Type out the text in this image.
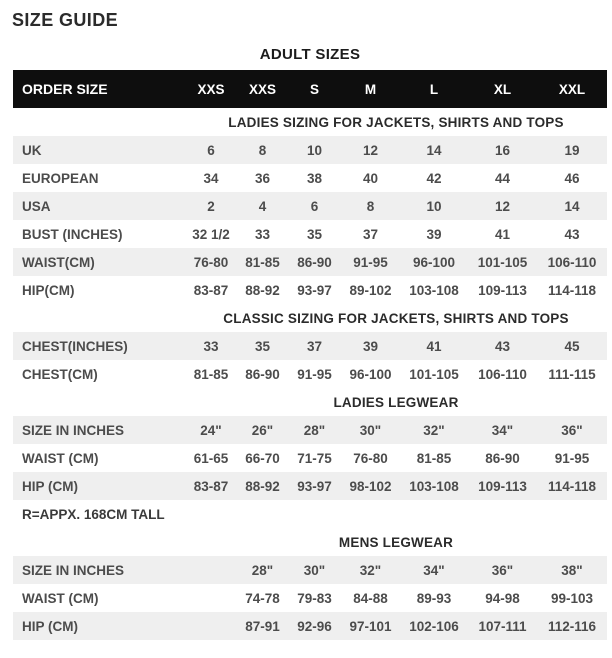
SIZE GUIDE
ADULT SIZES
ORDER SIZE	XXS	XXS	S	M	L	XL	XXL
LADIES SIZING FOR JACKETS, SHIRTS AND TOPS
UK	6	8	10	12	14	16	19
EUROPEAN	34	36	38	40	42	44	46
USA	2	4	6	8	10	12	14
BUST (INCHES)	32 1/2	33	35	37	39	41	43
WAIST(CM)	76-80	81-85	86-90	91-95	96-100	101-105	106-110
HIP(CM)	83-87	88-92	93-97	89-102	103-108	109-113	114-118
CLASSIC SIZING FOR JACKETS, SHIRTS AND TOPS
CHEST(INCHES)	33	35	37	39	41	43	45
CHEST(CM)	81-85	86-90	91-95	96-100	101-105	106-110	111-115
LADIES LEGWEAR
SIZE IN INCHES	24"	26"	28"	30"	32"	34"	36"
WAIST (CM)	61-65	66-70	71-75	76-80	81-85	86-90	91-95
HIP (CM)	83-87	88-92	93-97	98-102	103-108	109-113	114-118
R=APPX. 168CM TALL
MENS LEGWEAR
SIZE IN INCHES	28"	30"	32"	34"	36"	38"
WAIST (CM)	74-78	79-83	84-88	89-93	94-98	99-103
HIP (CM)	87-91	92-96	97-101	102-106	107-111	112-116
